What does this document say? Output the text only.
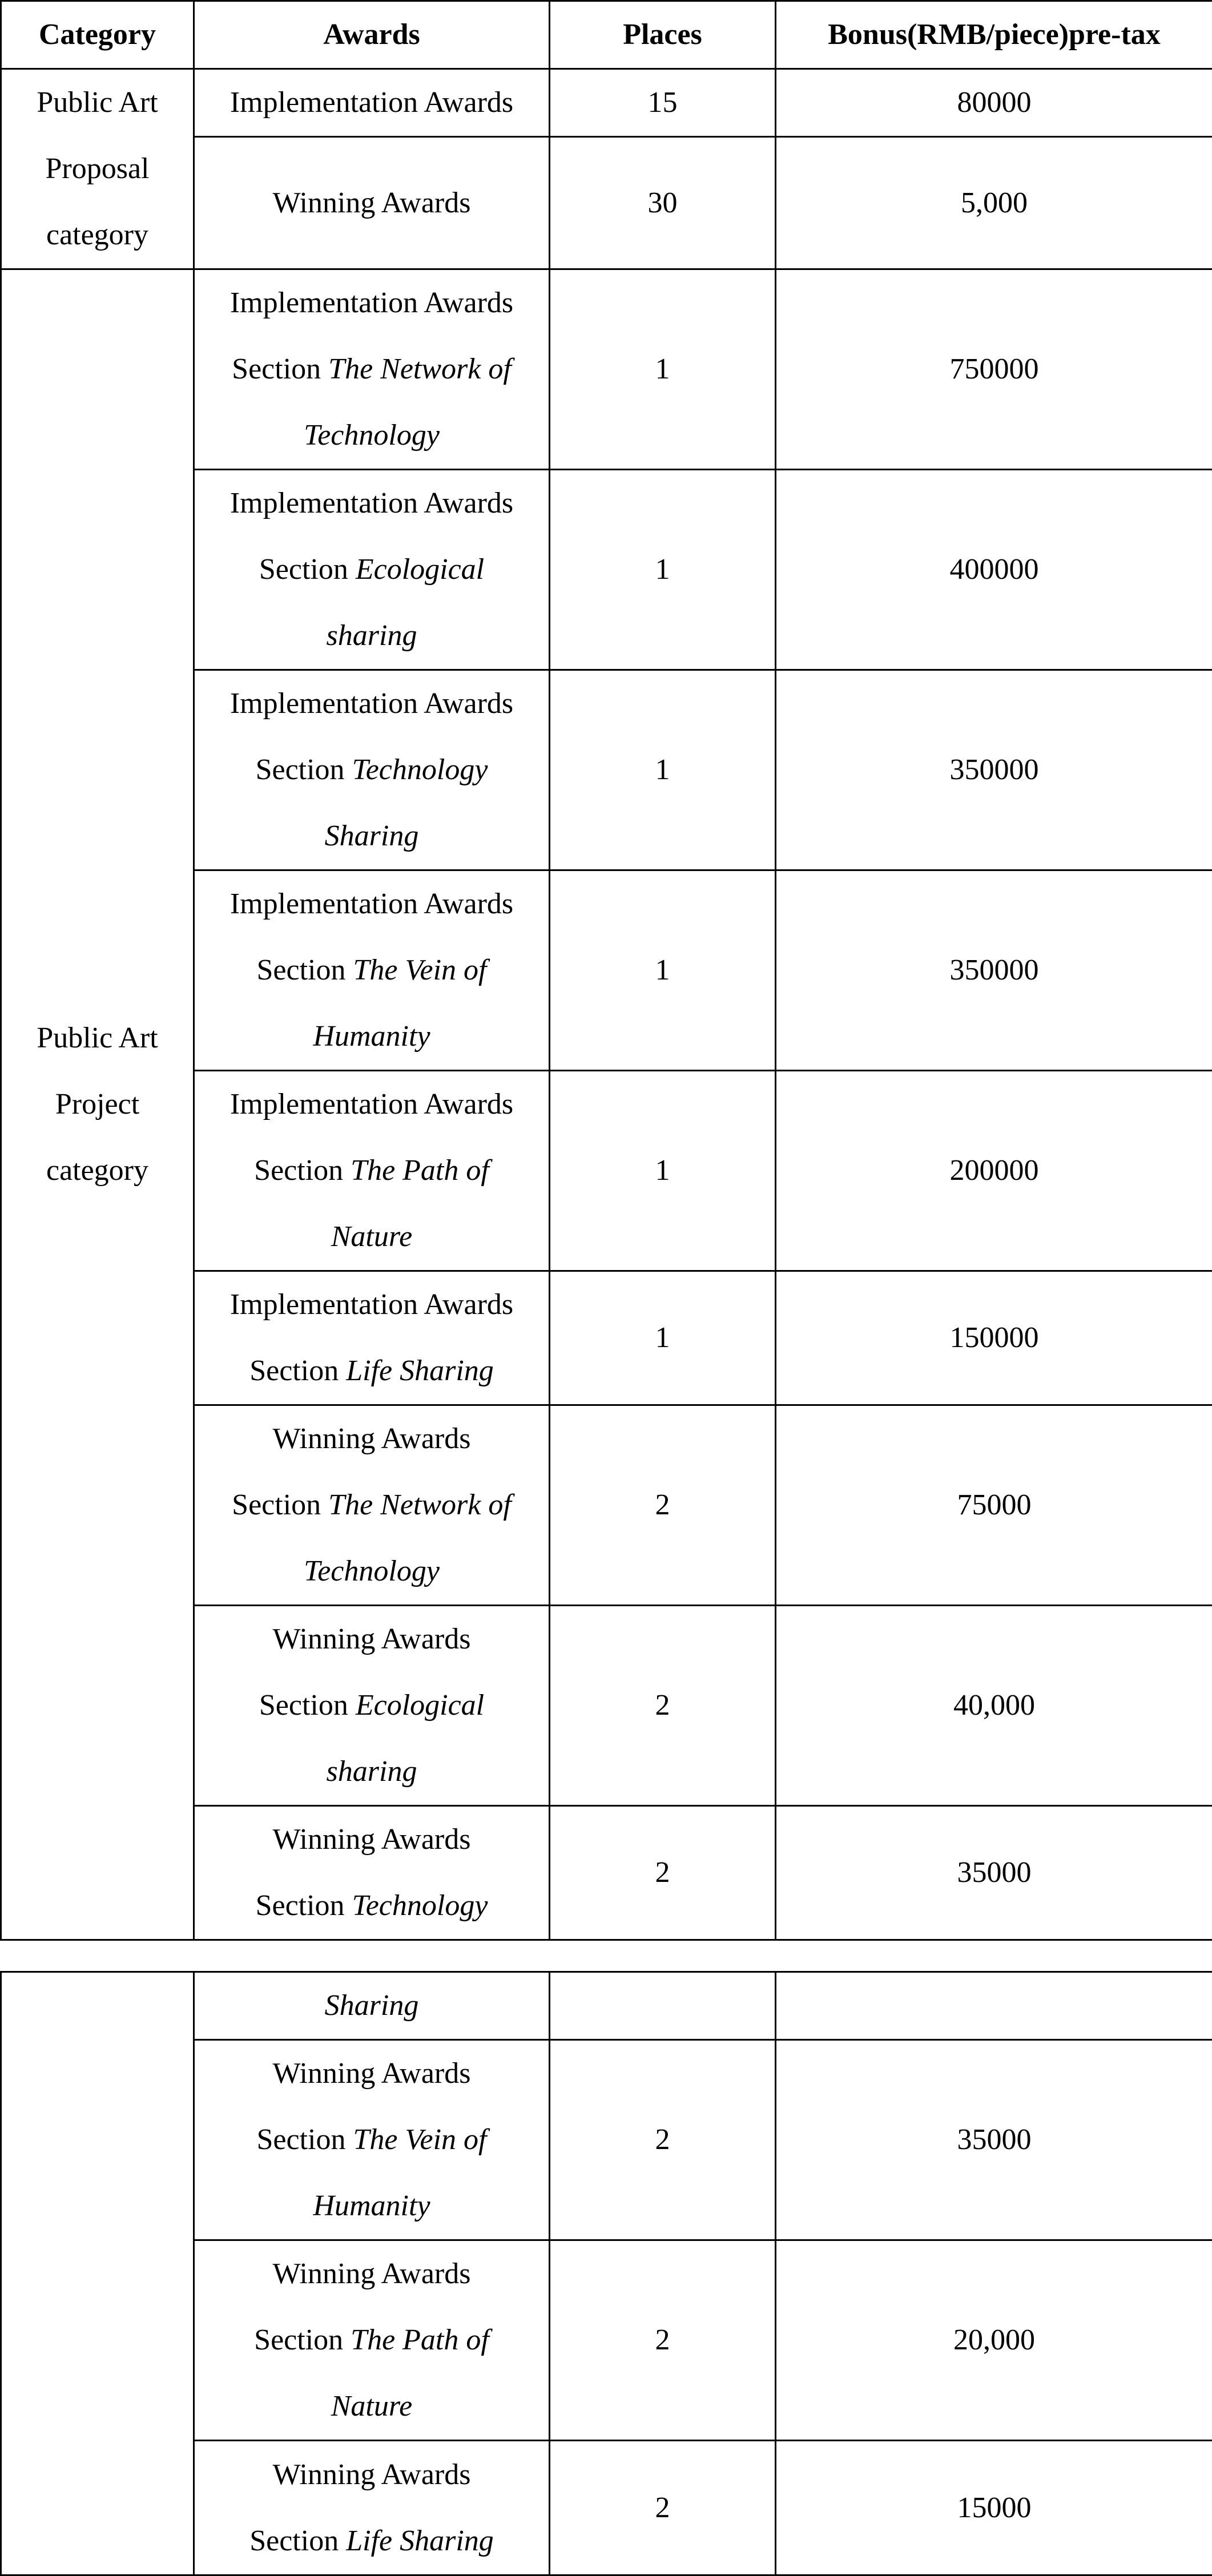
Category	Awards	Places	Bonus(RMB/piece)pre-tax

Public Art
Proposal
category	Implementation Awards	15	80000
	Winning Awards	30	5,000

Public Art
Project
category	Implementation Awards
Section The Network of
Technology	1	750000

	Implementation Awards
Section Ecological
sharing	1	400000

	Implementation Awards
Section Technology
Sharing	1	350000

	Implementation Awards
Section The Vein of
Humanity	1	350000

	Implementation Awards
Section The Path of
Nature	1	200000

	Implementation Awards
Section Life Sharing	1	150000

	Winning Awards
Section The Network of
Technology	2	75000

	Winning Awards
Section Ecological
sharing	2	40,000

	Winning Awards
Section Technology	2	35000
	Sharing		

	Winning Awards
Section The Vein of
Humanity	2	35000

	Winning Awards
Section The Path of
Nature	2	20,000

	Winning Awards
Section Life Sharing	2	15000
